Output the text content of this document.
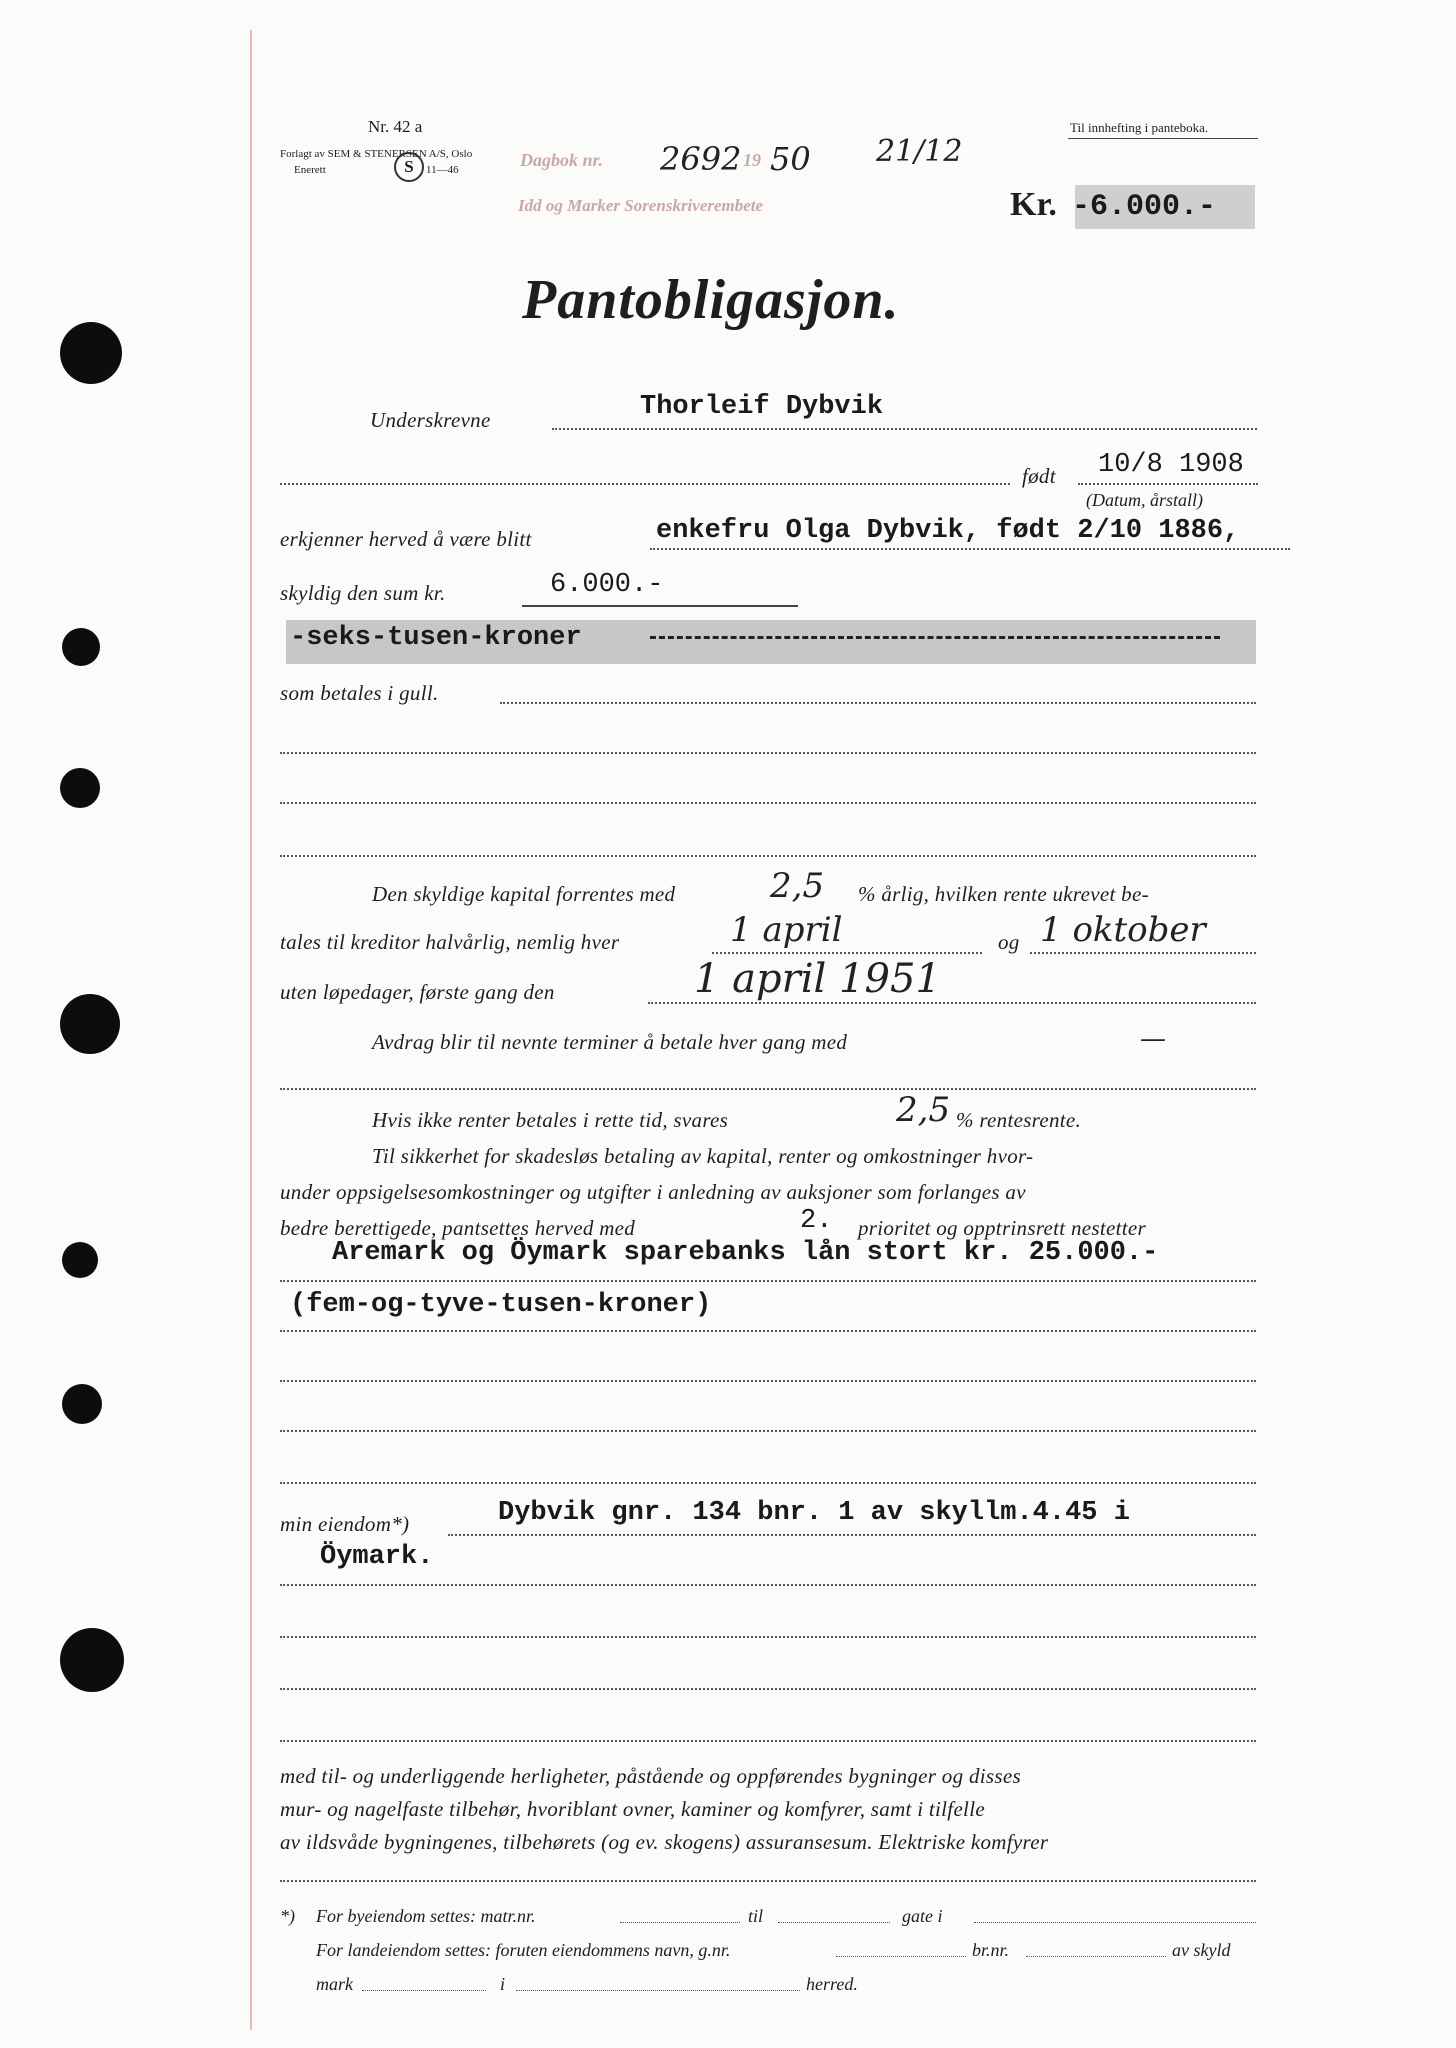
Nr. 42 a
Forlagt av SEM & STENERSEN A/S, Oslo
Enerett	S	11—46
Til innhefting i panteboka.
Dagbok nr.	19
Idd og Marker Sorenskriverembete
2692 50 21/12
Kr. -6.000.-
Pantobligasjon.
Underskrevne	Thorleif Dybvik
født 10/8 1908
(Datum, årstall)
erkjenner herved å være blitt	enkefru Olga Dybvik, født 2/10 1886,
skyldig den sum kr.	6.000.-
-seks-tusen-kroner
som betales i gull.
Den skyldige kapital forrentes med	2,5 % årlig, hvilken rente ukrevet be-
tales til kreditor halvårlig, nemlig hver	1 april	og 1 oktober
uten løpedager, første gang den	1 april 1951
Avdrag blir til nevnte terminer å betale hver gang med	—
Hvis ikke renter betales i rette tid, svares	2,5 % rentesrente.
Til sikkerhet for skadesløs betaling av kapital, renter og omkostninger hvor-
under oppsigelsesomkostninger og utgifter i anledning av auksjoner som forlanges av
bedre berettigede, pantsettes herved med	2. prioritet og opptrinsrett nestetter
Aremark og Öymark sparebanks lån stort kr. 25.000.-
(fem-og-tyve-tusen-kroner)
min eiendom*)	Dybvik gnr. 134 bnr. 1 av skyllm.4.45 i
Öymark.
med til- og underliggende herligheter, påstående og oppførendes bygninger og disses
mur- og nagelfaste tilbehør, hvoriblant ovner, kaminer og komfyrer, samt i tilfelle
av ildsvåde bygningenes, tilbehørets (og ev. skogens) assuransesum. Elektriske komfyrer
*) For byeiendom settes: matr.nr.	til	gate i
For landeiendom settes: foruten eiendommens navn, g.nr.	br.nr.	av skyld
mark	i	herred.
